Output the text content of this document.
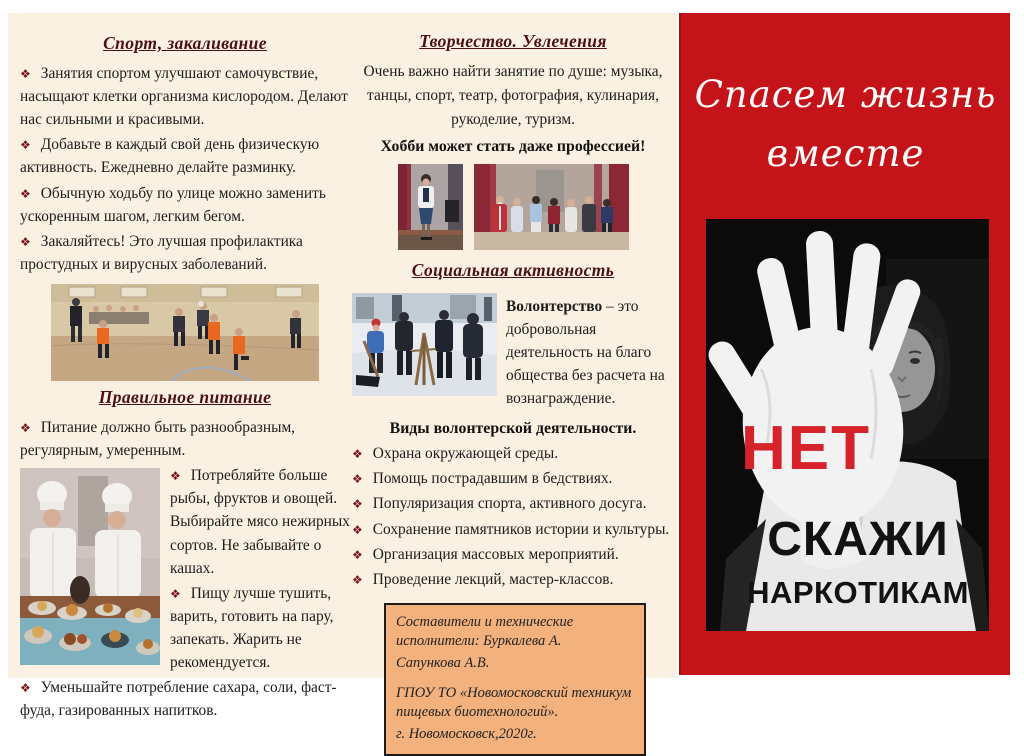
Спорт, закаливание
❖ Занятия спортом улучшают самочувствие, насыщают клетки организма кислородом. Делают нас сильными и красивыми.
❖ Добавьте в каждый свой день физическую активность. Ежедневно делайте разминку.
❖ Обычную ходьбу по улице можно заменить ускоренным шагом, легким бегом.
❖ Закаляйтесь! Это лучшая профилактика простудных и вирусных заболеваний.
Правильное питание
❖ Питание должно быть разнообразным, регулярным, умеренным.
❖ Потребляйте больше рыбы, фруктов и овощей. Выбирайте мясо нежирных сортов. Не забывайте о кашах.
❖ Пищу лучше тушить, варить, готовить на пару, запекать. Жарить не рекомендуется.
❖ Уменьшайте потребление сахара, соли, фаст-фуда, газированных напитков.
Творчество. Увлечения
Очень важно найти занятие по душе: музыка, танцы, спорт, театр, фотография, кулинария, рукоделие, туризм.
Хобби может стать даже профессией!
Социальная активность
Волонтерство – это добровольная деятельность на благо общества без расчета на вознаграждение.
Виды волонтерской деятельности.
❖ Охрана окружающей среды.
❖ Помощь пострадавшим в бедствиях.
❖ Популяризация спорта, активного досуга.
❖ Сохранение памятников истории и культуры.
❖ Организация массовых мероприятий.
❖ Проведение лекций, мастер-классов.
Составители и технические исполнители: Буркалева А.
Сапункова А.В.
ГПОУ ТО «Новомосковский техникум пищевых биотехнологий».
г. Новомосковск,2020г.
Спасем жизнь
вместе
НЕТ
СКАЖИ
НАРКОТИКАМ
